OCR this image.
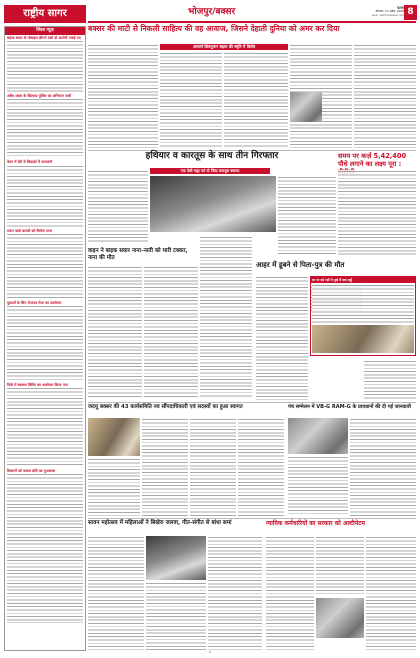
राष्ट्रीय सागर	भोजपुर/बक्सर	पटना
सोमवार, 13 अप्रैल, 2026
web: rashtriyasagar.com 8
जिला न्यूज़
बाइक सवार से मोबाइल छीनने वाले दो आरोपी पकड़े गए
अवैध शराब के खिलाफ पुलिस का अभियान जारी
वेतन में देरी से शिक्षकों में नाराजगी
राशन कार्ड धारकों को मिलेगा लाभ
युवाओं के लिए रोजगार मेला का आयोजन
जिले में स्वास्थ्य शिविर का आयोजन किया गया
किसानों को फसल क्षति का मुआवजा
बक्सर की माटी से निकली साहित्य की वह आवाज, जिसने देहाती दुनिया को अमर कर दिया
आचार्य शिवपूजन सहाय की स्मृति में विशेष
हथियार व कारतूस के साथ तीन गिरफ्तार
एक देसी कट्टा एवं दो जिंदा कारतूस बरामद
समय पर कर्ज़ 5,42,400 पौधे लगाने का लक्ष्य पूरा :
वाहन ने बाइक सवार नाना–नाती को मारी टक्कर, नाना की मौत
आहर में डूबने से पिता-पुत्र की मौत
घर पर बड़े नहीं थे तुम्हें मैं क्या कहूँ
जदयू बक्सर की 43 कार्यसमिति नव सौंपदाधिकारी एवं सदस्यों का हुआ स्वागत	पंच सम्मेलन में VB-G RAM-G के प्रावधानों की दी गई जानकारी
सावन महोत्सव में महिलाओं ने बिखेरा जलवा, गीत-संगीत से बांधा समां	न्यायिक कर्मचारियों का सरकार को अल्टीमेटम
8
